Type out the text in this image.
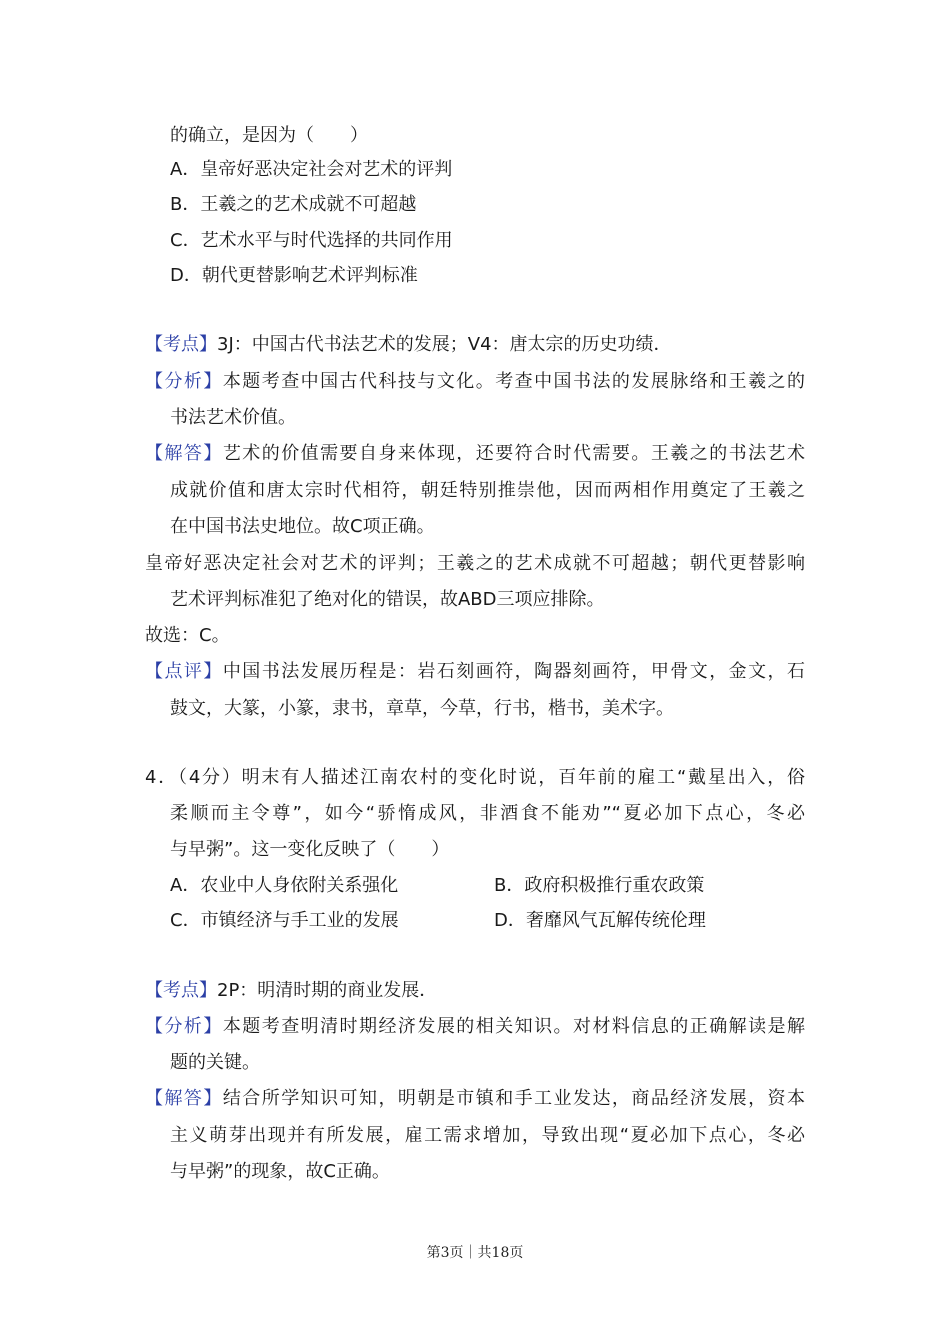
的确立，是因为（　　）
A．皇帝好恶决定社会对艺术的评判
B．王羲之的艺术成就不可超越
C．艺术水平与时代选择的共同作用
D．朝代更替影响艺术评判标准
【考点】3J：中国古代书法艺术的发展；V4：唐太宗的历史功绩．
【分析】本题考查中国古代科技与文化。考查中国书法的发展脉络和王羲之的
书法艺术价值。
【解答】艺术的价值需要自身来体现，还要符合时代需要。王羲之的书法艺术
成就价值和唐太宗时代相符，朝廷特别推崇他，因而两相作用奠定了王羲之
在中国书法史地位。故C项正确。
皇帝好恶决定社会对艺术的评判；王羲之的艺术成就不可超越；朝代更替影响
艺术评判标准犯了绝对化的错误，故ABD三项应排除。
故选：C。
【点评】中国书法发展历程是：岩石刻画符，陶器刻画符，甲骨文，金文，石
鼓文，大篆，小篆，隶书，章草，今草，行书，楷书，美术字。
4．（4分）明末有人描述江南农村的变化时说，百年前的雇工“戴星出入，俗
柔顺而主令尊”，如今“骄惰成风，非酒食不能劝”“夏必加下点心，冬必
与早粥”。这一变化反映了（　　）
A．农业中人身依附关系强化	B．政府积极推行重农政策
C．市镇经济与手工业的发展	D．奢靡风气瓦解传统伦理
【考点】2P：明清时期的商业发展．
【分析】本题考查明清时期经济发展的相关知识。对材料信息的正确解读是解
题的关键。
【解答】结合所学知识可知，明朝是市镇和手工业发达，商品经济发展，资本
主义萌芽出现并有所发展，雇工需求增加，导致出现“夏必加下点心，冬必
与早粥”的现象，故C正确。
第3页｜共18页
